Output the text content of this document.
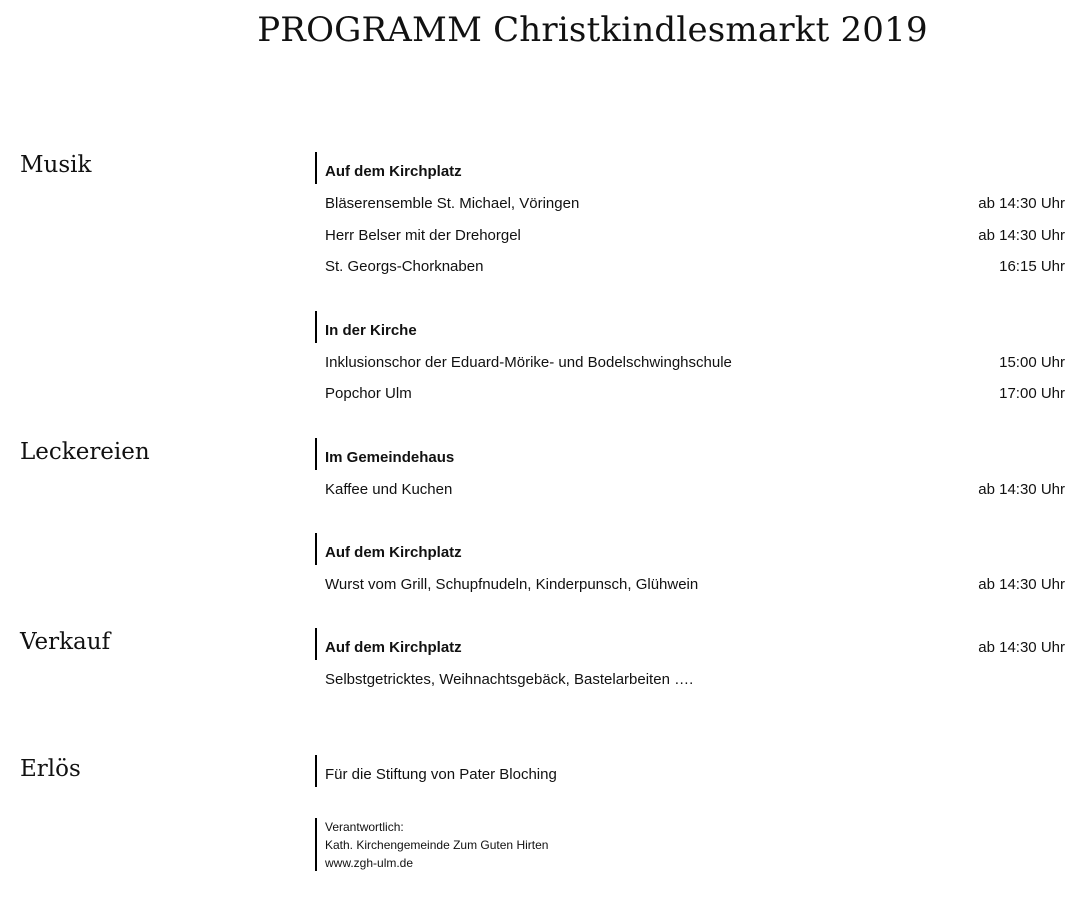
PROGRAMM Christkindlesmarkt 2019
Musik	Auf dem Kirchplatz
Bläserensemble St. Michael, Vöringen	ab 14:30 Uhr
Herr Belser mit der Drehorgel	ab 14:30 Uhr
St. Georgs-Chorknaben	16:15 Uhr
In der Kirche
Inklusionschor der Eduard-Mörike- und Bodelschwinghschule	15:00 Uhr
Popchor Ulm	17:00 Uhr
Leckereien	Im Gemeindehaus
Kaffee und Kuchen	ab 14:30 Uhr
Auf dem Kirchplatz
Wurst vom Grill, Schupfnudeln, Kinderpunsch, Glühwein	ab 14:30 Uhr
Verkauf	Auf dem Kirchplatz	ab 14:30 Uhr
Selbstgetricktes, Weihnachtsgebäck, Bastelarbeiten ….
Erlös	Für die Stiftung von Pater Bloching
Verantwortlich:
Kath. Kirchengemeinde Zum Guten Hirten
www.zgh-ulm.de
